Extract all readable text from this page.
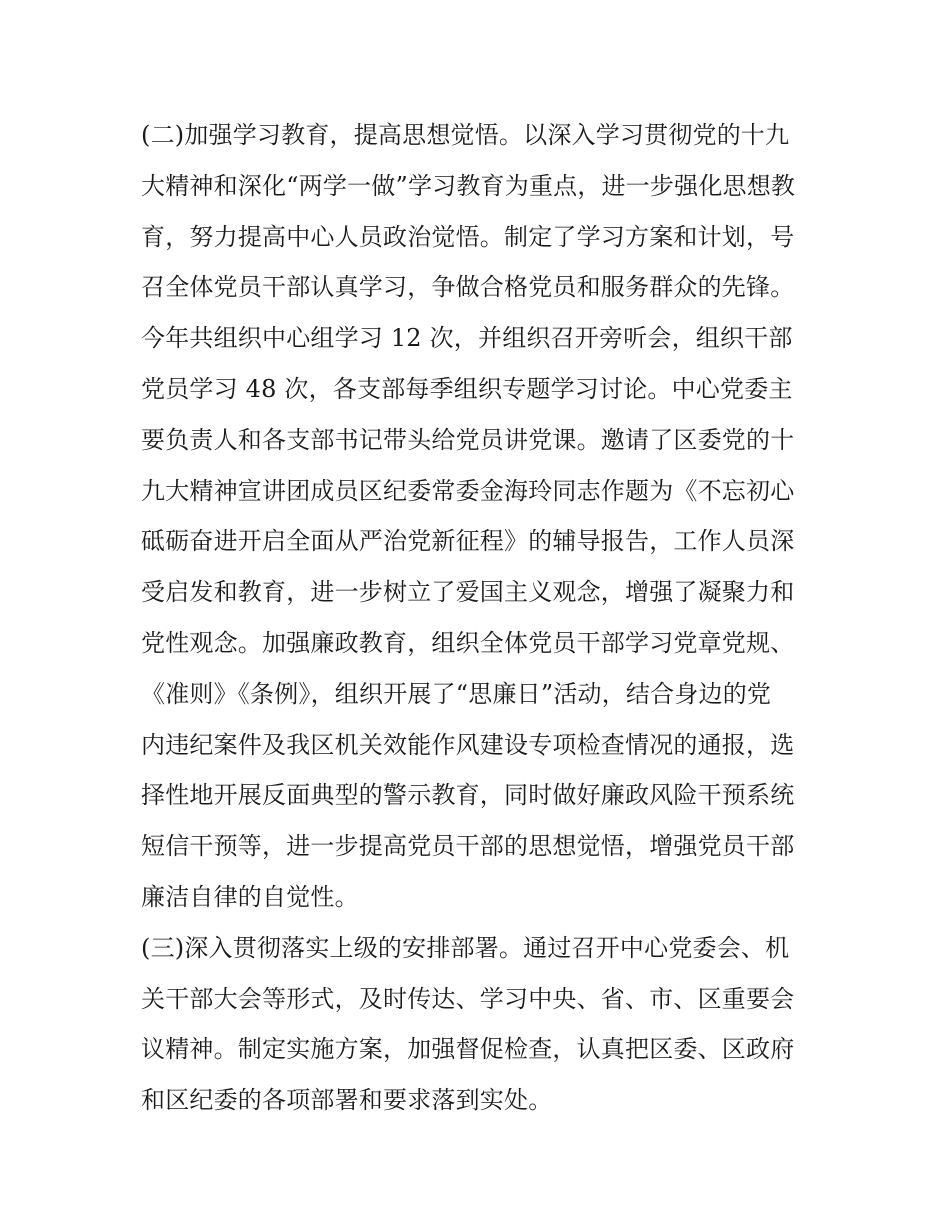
(二)加强学习教育，提高思想觉悟。以深入学习贯彻党的十九
大精神和深化“两学一做”学习教育为重点，进一步强化思想教
育，努力提高中心人员政治觉悟。制定了学习方案和计划，号
召全体党员干部认真学习，争做合格党员和服务群众的先锋。
今年共组织中心组学习 12 次，并组织召开旁听会，组织干部
党员学习 48 次，各支部每季组织专题学习讨论。中心党委主
要负责人和各支部书记带头给党员讲党课。邀请了区委党的十
九大精神宣讲团成员区纪委常委金海玲同志作题为《不忘初心
砥砺奋进开启全面从严治党新征程》的辅导报告，工作人员深
受启发和教育，进一步树立了爱国主义观念，增强了凝聚力和
党性观念。加强廉政教育，组织全体党员干部学习党章党规、
《准则》《条例》，组织开展了“思廉日”活动，结合身边的党
内违纪案件及我区机关效能作风建设专项检查情况的通报，选
择性地开展反面典型的警示教育，同时做好廉政风险干预系统
短信干预等，进一步提高党员干部的思想觉悟，增强党员干部
廉洁自律的自觉性。
(三)深入贯彻落实上级的安排部署。通过召开中心党委会、机
关干部大会等形式，及时传达、学习中央、省、市、区重要会
议精神。制定实施方案，加强督促检查，认真把区委、区政府
和区纪委的各项部署和要求落到实处。
